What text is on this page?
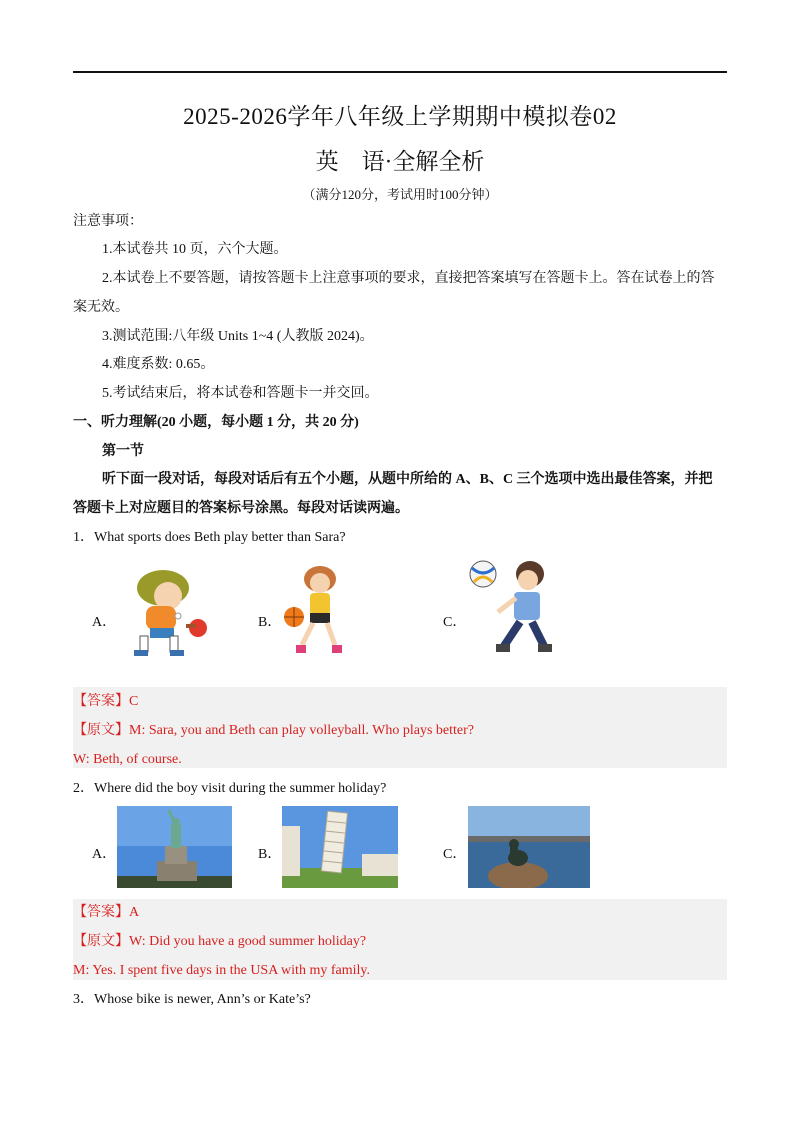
2025-2026学年八年级上学期期中模拟卷02
英　语·全解全析
（满分120分，考试用时100分钟）
注意事项：
1.本试卷共 10 页，六个大题。
2.本试卷上不要答题，请按答题卡上注意事项的要求，直接把答案填写在答题卡上。答在试卷上的答
案无效。
3.测试范围:八年级 Units 1~4 (人教版 2024)。
4.难度系数: 0.65。
5.考试结束后，将本试卷和答题卡一并交回。
一、听力理解(20 小题，每小题 1 分，共 20 分)
第一节
听下面一段对话，每段对话后有五个小题，从题中所给的 A、B、C 三个选项中选出最佳答案，并把
答题卡上对应题目的答案标号涂黑。每段对话读两遍。
1．What sports does Beth play better than Sara?
A．	B．	C．
【答案】C
【原文】M: Sara, you and Beth can play volleyball. Who plays better?
W: Beth, of course.
2．Where did the boy visit during the summer holiday?
A．	B．	C．
【答案】A
【原文】W: Did you have a good summer holiday?
M: Yes. I spent five days in the USA with my family.
3．Whose bike is newer, Ann’s or Kate’s?
